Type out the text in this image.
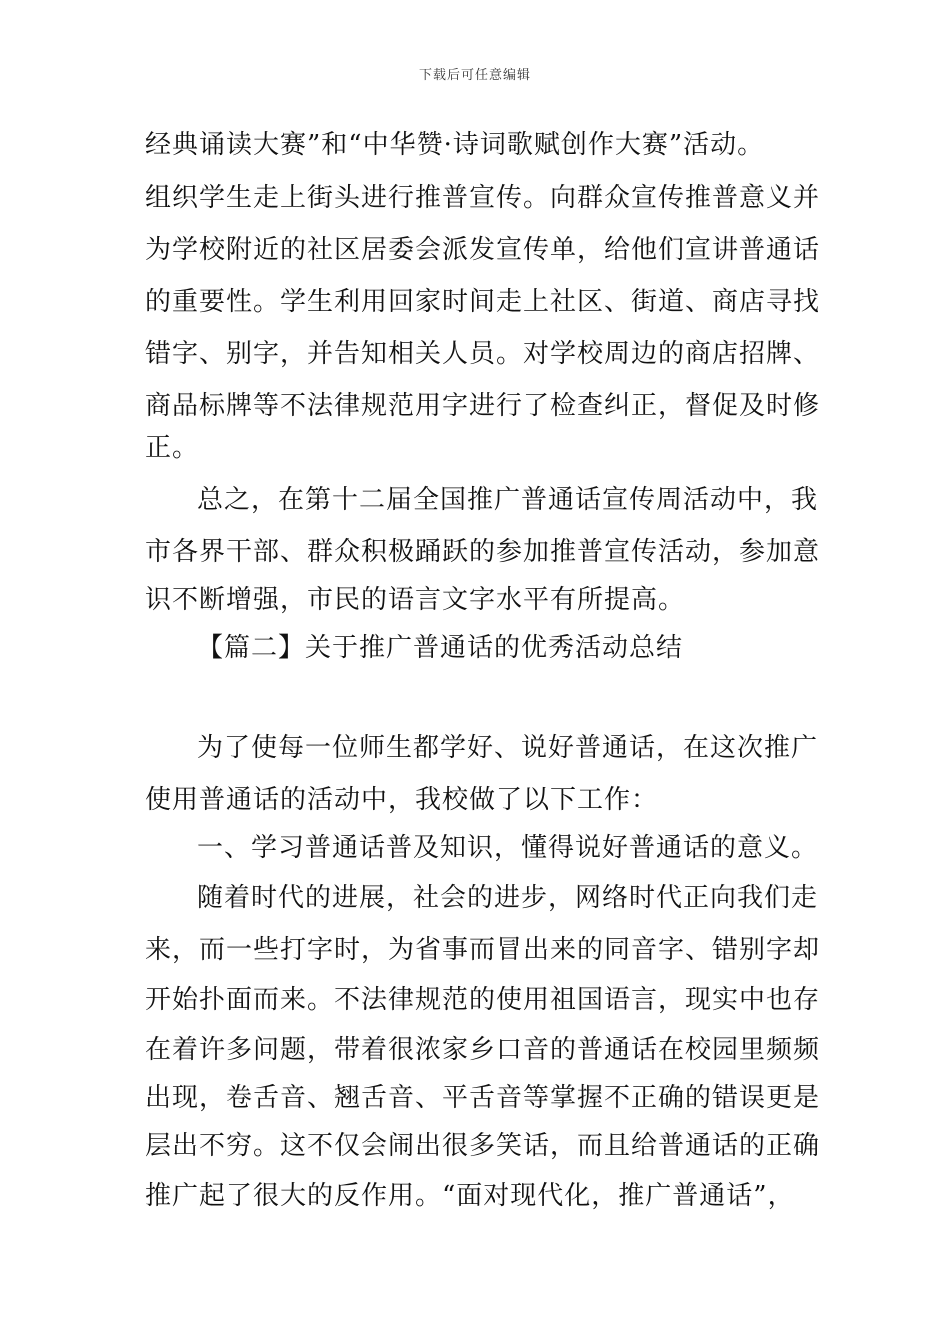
下载后可任意编辑
经典诵读大赛”和“中华赞·诗词歌赋创作大赛”活动。
组织学生走上街头进行推普宣传。向群众宣传推普意义并
为学校附近的社区居委会派发宣传单，给他们宣讲普通话
的重要性。学生利用回家时间走上社区、街道、商店寻找
错字、别字，并告知相关人员。对学校周边的商店招牌、
商品标牌等不法律规范用字进行了检查纠正，督促及时修
正。
总之，在第十二届全国推广普通话宣传周活动中，我
市各界干部、群众积极踊跃的参加推普宣传活动，参加意
识不断增强，市民的语言文字水平有所提高。
【篇二】关于推广普通话的优秀活动总结
为了使每一位师生都学好、说好普通话，在这次推广
使用普通话的活动中，我校做了以下工作：
一、学习普通话普及知识，懂得说好普通话的意义。
随着时代的进展，社会的进步，网络时代正向我们走
来，而一些打字时，为省事而冒出来的同音字、错别字却
开始扑面而来。不法律规范的使用祖国语言，现实中也存
在着许多问题，带着很浓家乡口音的普通话在校园里频频
出现，卷舌音、翘舌音、平舌音等掌握不正确的错误更是
层出不穷。这不仅会闹出很多笑话，而且给普通话的正确
推广起了很大的反作用。“面对现代化，推广普通话”，
